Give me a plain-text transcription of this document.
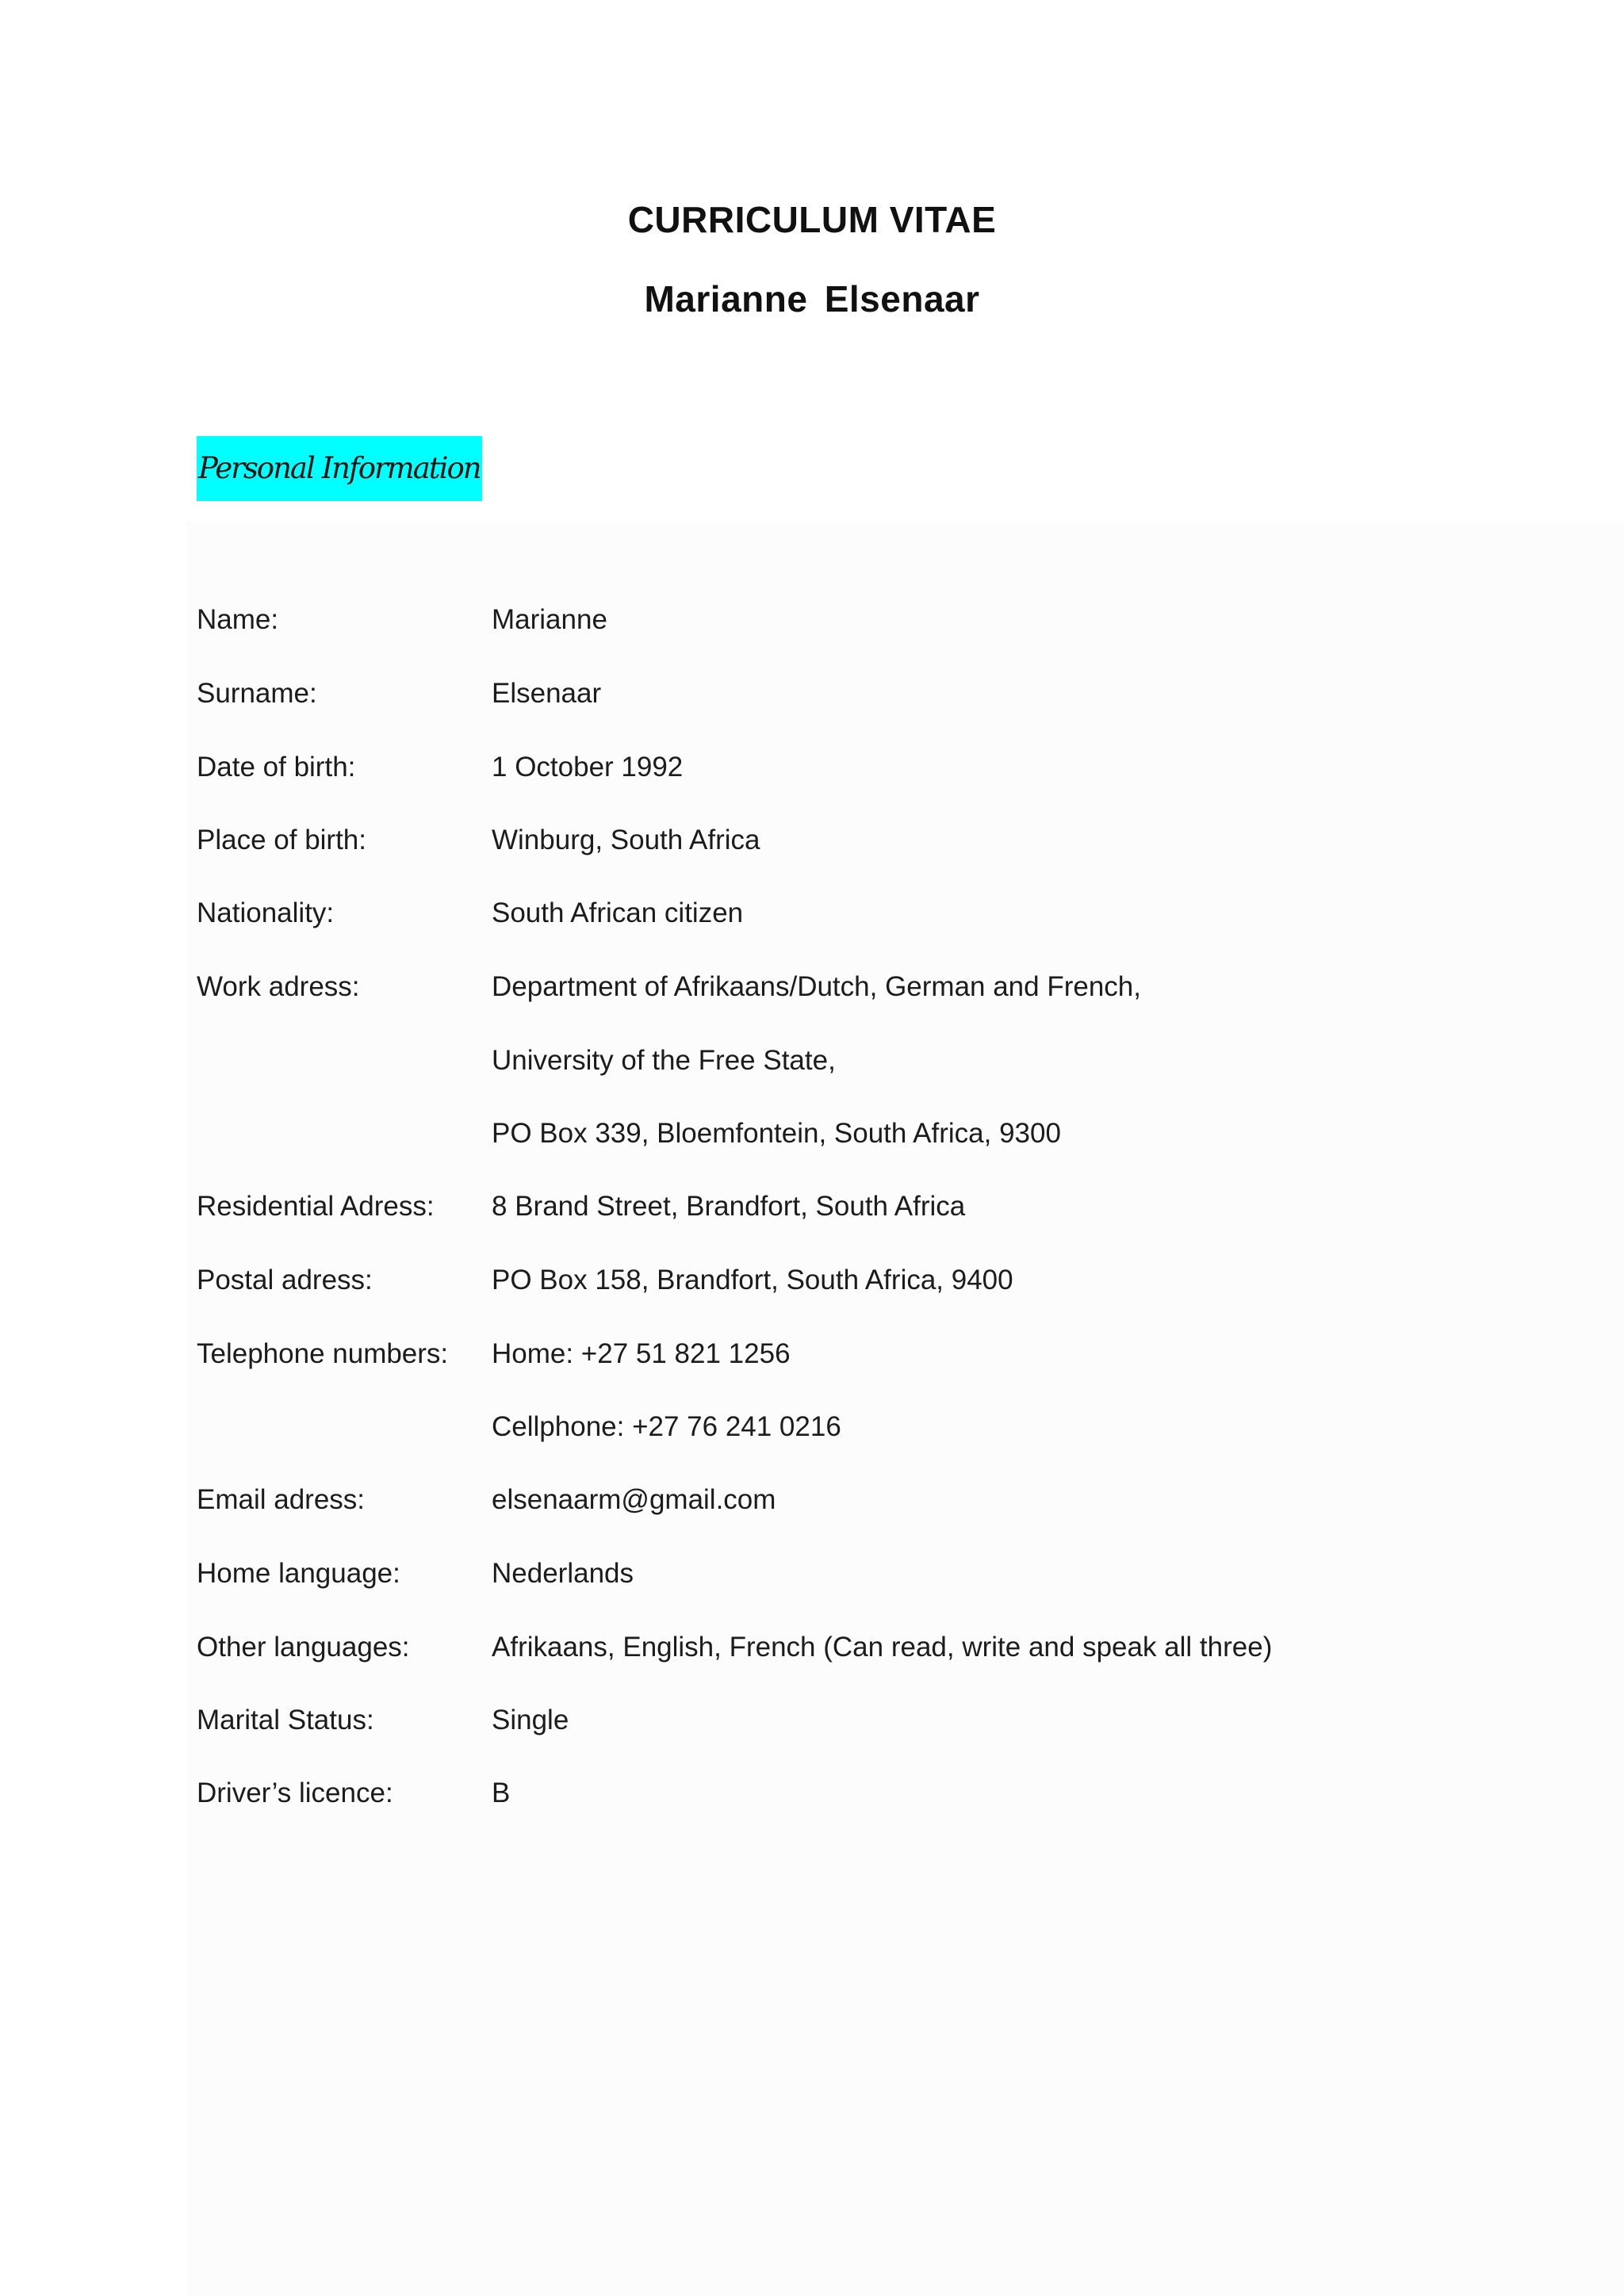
CURRICULUM VITAE
Marianne Elsenaar
Personal Information
Name:	Marianne
Surname:	Elsenaar
Date of birth:	1 October 1992
Place of birth:	Winburg, South Africa
Nationality:	South African citizen
Work adress:	Department of Afrikaans/Dutch, German and French,
University of the Free State,
PO Box 339, Bloemfontein, South Africa, 9300
Residential Adress: 8 Brand Street, Brandfort, South Africa
Postal adress:	PO Box 158, Brandfort, South Africa, 9400
Telephone numbers: Home: +27 51 821 1256
Cellphone: +27 76 241 0216
Email adress:	elsenaarm@gmail.com
Home language:	Nederlands
Other languages:	Afrikaans, English, French (Can read, write and speak all three)
Marital Status:	Single
Driver’s licence:	B
